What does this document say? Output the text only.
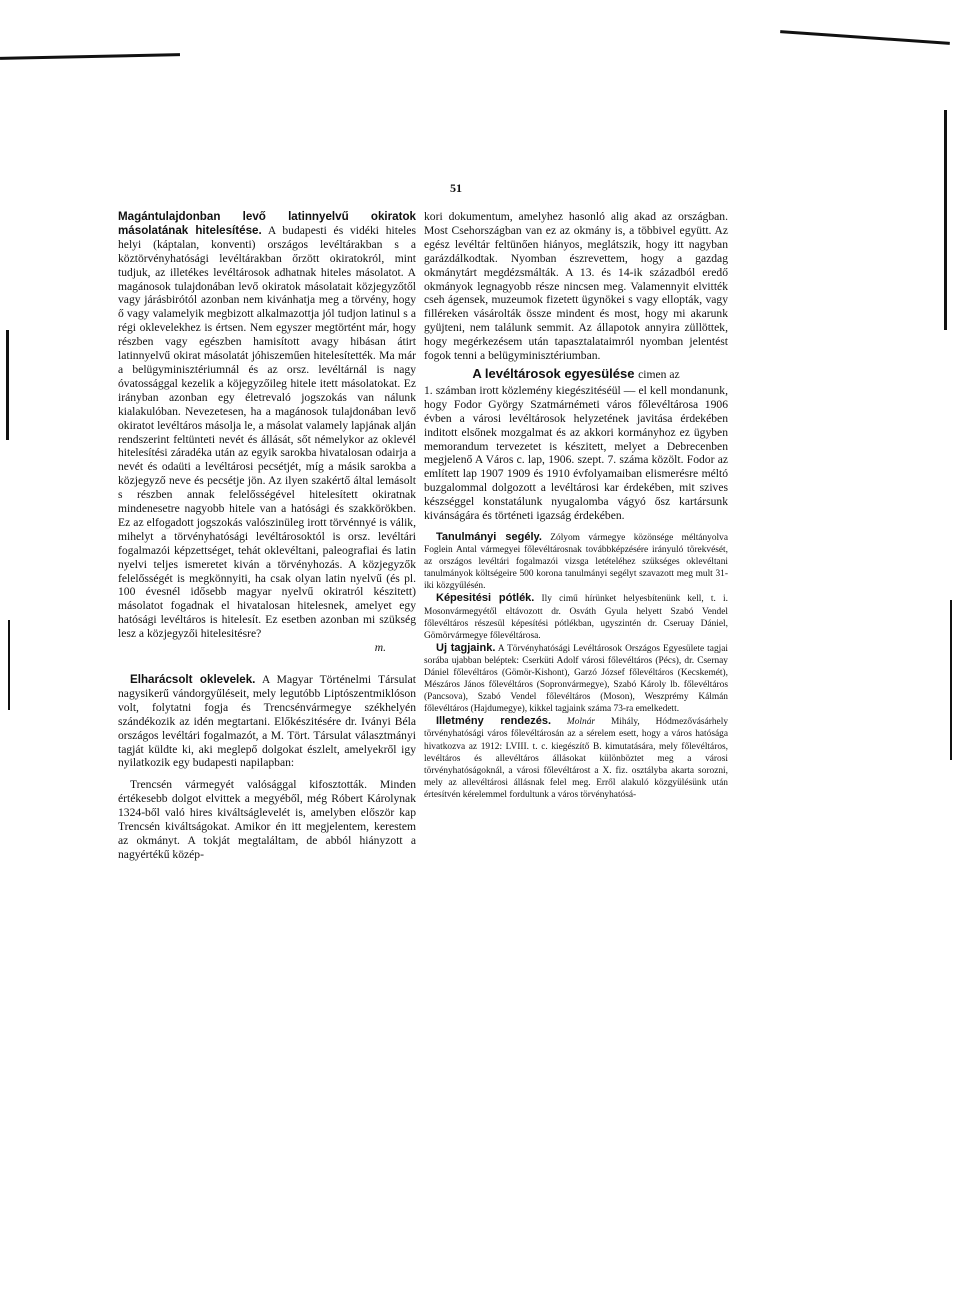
51

Magántulajdonban levő latinnyelvű okiratok másolatának hitelesítése. A budapesti és vidéki hiteles helyi (káptalan, konventi) országos levéltárakban s a köztörvényhatósági levéltárakban őrzött okiratokról, mint tudjuk, az illetékes levéltárosok adhatnak hiteles másolatot. A magánosok tulajdonában levő okiratok másolatait közjegyzőtől vagy járásbirótól azonban nem kivánhatja meg a törvény, hogy ő vagy valamelyik megbizott alkalmazottja jól tudjon latinul s a régi oklevelekhez is értsen. Nem egyszer megtörtént már, hogy részben vagy egészben hamisított avagy hibásan átirt latinnyelvű okirat másolatát jóhiszeműen hitelesítették. Ma már a belügyminisztériumnál és az orsz. levéltárnál is nagy óvatossággal kezelik a köjegyzőileg hitele itett másolatokat. Ez irányban azonban egy életrevaló jogszokás van nálunk kialakulóban. Nevezetesen, ha a magánosok tulajdonában levő okiratot levéltáros másolja le, a másolat valamely lapjának alján rendszerint feltünteti nevét és állását, sőt némelykor az oklevél hitelesítési záradéka után az egyik sarokba hivatalosan odairja a nevét és odaüti a levéltárosi pecsétjét, míg a másik sarokba a közjegyző neve és pecsétje jön. Az ilyen szakértő által lemásolt s részben annak felelősségével hitelesített okiratnak mindenesetre nagyobb hitele van a hatósági és szakkörökben. Ez az elfogadott jogszokás valószinüleg irott törvénnyé is válik, mihelyt a törvényhatósági levéltárosoktól is orsz. levéltári fogalmazói képzettséget, tehát oklevéltani, paleografiai és latin nyelvi teljes ismeretet kiván a törvényhozás. A közjegyzők felelősségét is megkönnyiti, ha csak olyan latin nyelvű (és pl. 100 évesnél idősebb magyar nyelvű okiratról készitett) másolatot fogadnak el hivatalosan hitelesnek, amelyet egy hatósági levéltáros is hitelesít. Ez esetben azonban mi szükség lesz a közjegyzői hitelesitésre?

m.

Elharácsolt oklevelek. A Magyar Történelmi Társulat nagysikerű vándorgyűléseit, mely legutóbb Liptószentmiklóson volt, folytatni fogja és Trencsénvármegye székhelyén szándékozik az idén megtartani. Előkészitésére dr. Iványi Béla országos levéltári fogalmazót, a M. Tört. Társulat választmányi tagját küldte ki, aki meglepő dolgokat észlelt, amelyekről igy nyilatkozik egy budapesti napilapban:

Trencsén vármegyét valósággal kifosztották. Minden értékesebb dolgot elvittek a megyéből, még Róbert Károlynak 1324-ből való hires kiváltságlevelét is, amelyben először kap Trencsén kiváltságokat. Amikor én itt megjelentem, kerestem az okmányt. A tokját megtaláltam, de abból hiányzott a nagyértékű közép-

kori dokumentum, amelyhez hasonló alig akad az országban. Most Csehországban van ez az okmány is, a többivel együtt. Az egész levéltár feltünően hiányos, meglátszik, hogy itt nagyban garázdálkodtak. Nyomban észrevettem, hogy a gazdag okmánytárt megdézsmálták. A 13. és 14-ik századból eredő okmányok legnagyobb része nincsen meg. Valamennyit elvitték cseh ágensek, muzeumok fizetett ügynökei s vagy ellopták, vagy filléreken vásárolták össze mindent és most, hogy mi akarunk gyüjteni, nem találunk semmit. Az állapotok annyira züllöttek, hogy megérkezésem után tapasztalataimról nyomban jelentést fogok tenni a belügyminisztériumban.

A levéltárosok egyesülése cimen az

1. számban irott közlemény kiegészitéséül — el kell mondanunk, hogy Fodor György Szatmárnémeti város főlevéltárosa 1906 évben a városi levéltárosok helyzetének javitása érdekében inditott elsőnek mozgalmat és az akkori kormányhoz ez ügyben memorandum tervezetet is készitett, melyet a Debrecenben megjelenő A Város c. lap, 1906. szept. 7. száma közölt. Fodor az említett lap 1907 1909 és 1910 évfolyamaiban elismerésre méltó buzgalommal dolgozott a levéltárosi kar érdekében, mit szives készséggel konstatálunk nyugalomba vágyó ősz kartársunk kivánságára és történeti igazság érdekében.

Tanulmányi segély. Zólyom vármegye közönsége méltányolva Foglein Antal vármegyei főlevéltárosnak továbbképzésére irányuló törekvését, az országos levéltári fogalmazói vizsga letételéhez szükséges oklevéltani tanulmányok költségeire 500 korona tanulmányi segélyt szavazott meg mult 31-iki közgyűlésén.

Képesitési pótlék. Ily cimű hírünket helyesbítenünk kell, t. i. Mosonvármegyétől eltávozott dr. Osváth Gyula helyett Szabó Vendel főlevéltáros részesül képesítési pótlékban, ugyszintén dr. Cseruay Dániel, Gömörvármegye főlevéltárosa.

Uj tagjaink. A Törvényhatósági Levéltárosok Országos Egyesülete tagjai sorába ujabban beléptek: Cserküti Adolf városi főlevéltáros (Pécs), dr. Csernay Dániel főlevéltáros (Gömör-Kishont), Garzó József főlevéltáros (Kecskemét), Mészáros János főlevéltáros (Sopronvármegye), Szabó Károly lb. főlevéltáros (Pancsova), Szabó Vendel főlevéltáros (Moson), Weszprémy Kálmán főlevéltáros (Hajdumegye), kikkel tagjaink száma 73-ra emelkedett.

Illetmény rendezés. Molnár Mihály, Hódmezővásárhely törvényhatósági város főlevéltárosán az a sérelem esett, hogy a város hatósága hivatkozva az 1912: LVIII. t. c. kiegészítő B. kimutatására, mely főlevéltáros, levéltáros és allevéltáros állásokat különböztet meg a városi törvényhatóságoknál, a városi főlevéltárost a X. fiz. osztályba akarta sorozni, mely az allevéltárosi állásnak felel meg. Erről alakuló közgyülésünk után értesítvén kérelemmel fordultunk a város törvényhatósá-
